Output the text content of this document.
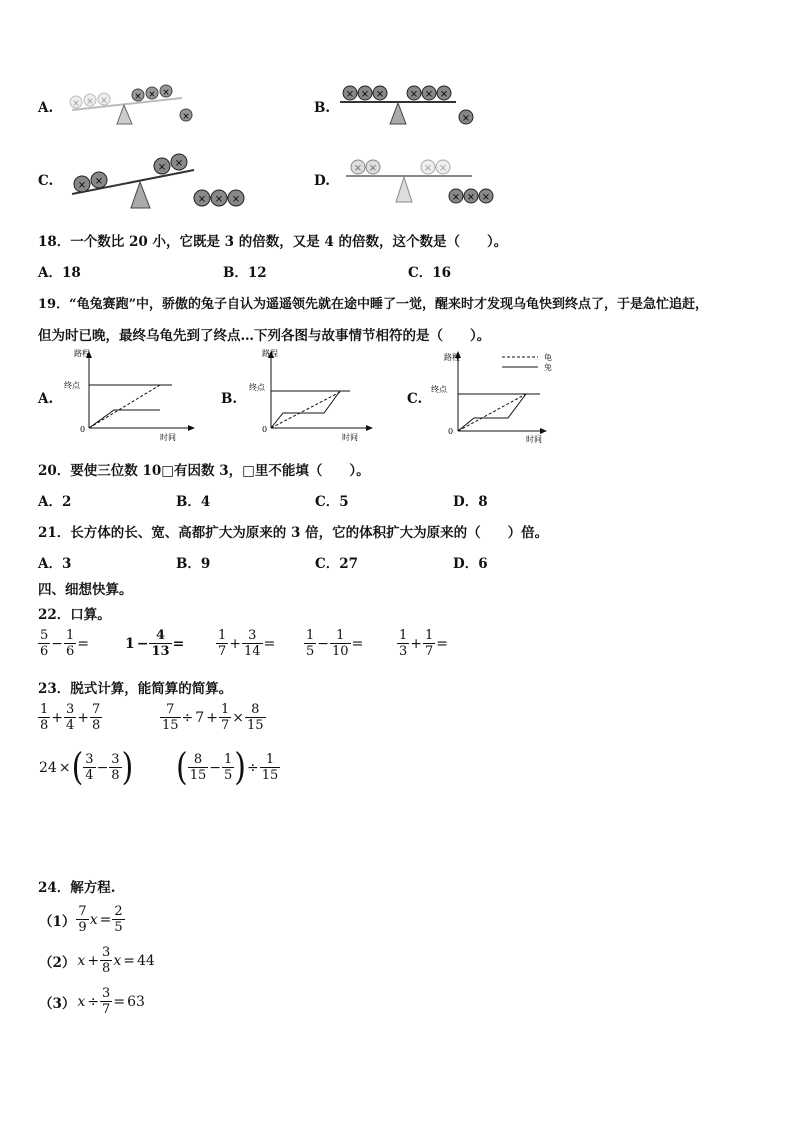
A. × × ×	× × ×
×
B.
× × ×	× × ×
×
C. × ×
× ×
× × ×
D.
× ×	× ×
× × ×
18．一个数比 20 小，它既是 3 的倍数，又是 4 的倍数，这个数是（　　）。
A．18	B．12	C．16
19．“龟兔赛跑”中，骄傲的兔子自认为遥遥领先就在途中睡了一觉，醒来时才发现乌龟快到终点了，于是急忙追赶，
但为时已晚，最终乌龟先到了终点…下列各图与故事情节相符的是（　　）。
A.
路程
终点
0
时间
B.
路程
终点
0
时间
C.
路程
终点
0
时间
龟
兔
20．要使三位数 10□有因数 3，□里不能填（　　）。
A．2	B．4	C．5	D．8
21．长方体的长、宽、高都扩大为原来的 3 倍，它的体积扩大为原来的（　　）倍。
A．3	B．9	C．27	D．6
四、细想快算。
22．口算。
$\frac{5}{6} - \frac{1}{6}$ =	$1 - \frac{4}{13} = \frac{1}{7} + \frac{3}{14} = \frac{1}{5} - \frac{1}{10}$ =	$\frac{1}{3} + \frac{1}{7}$ =
23．脱式计算，能简算的简算。
$\frac{1}{8} + \frac{3}{4} + \frac{7}{8}$	$\frac{7}{15} \div 7 + \frac{1}{7} \times \frac{8}{15}$
24 ×( $\frac{3}{4} - \frac{3}{8}$ ) ( $\frac{8}{15} - \frac{1}{5}$ )÷ $\frac{1}{15}$
24．解方程.
$(1) \frac{7}{9}$ $x = \frac{2}{5}$
（2） $x + \frac{3}{8}$ x = 44
（3） $x \div \frac{3}{7} = 63$
